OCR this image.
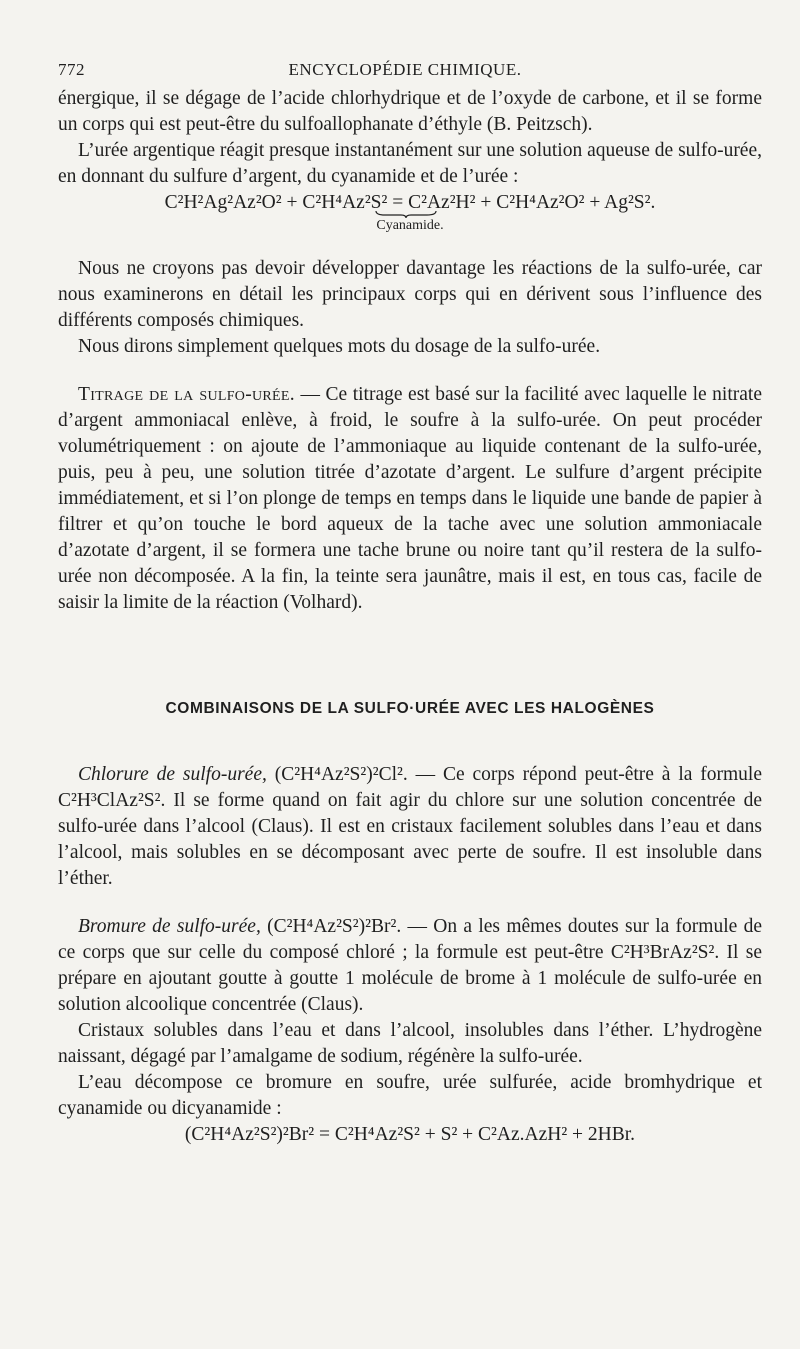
772	ENCYCLOPÉDIE CHIMIQUE.

énergique, il se dégage de l’acide chlorhydrique et de l’oxyde de carbone, et il se forme un corps qui est peut-être du sulfoallophanate d’éthyle (B. Peitzsch).

L’urée argentique réagit presque instantanément sur une solution aqueuse de sulfo-urée, en donnant du sulfure d’argent, du cyanamide et de l’urée :

C²H²Ag²Az²O² + C²H⁴Az²S² = C²Az²H² + C²H⁴Az²O² + Ag²S².

Cyanamide.

Nous ne croyons pas devoir développer davantage les réactions de la sulfo-urée, car nous examinerons en détail les principaux corps qui en dérivent sous l’influence des différents composés chimiques.

Nous dirons simplement quelques mots du dosage de la sulfo-urée.

Titrage de la sulfo-urée. — Ce titrage est basé sur la facilité avec laquelle le nitrate d’argent ammoniacal enlève, à froid, le soufre à la sulfo-urée. On peut procéder volumétriquement : on ajoute de l’ammoniaque au liquide contenant de la sulfo-urée, puis, peu à peu, une solution titrée d’azotate d’argent. Le sulfure d’argent précipite immédiatement, et si l’on plonge de temps en temps dans le liquide une bande de papier à filtrer et qu’on touche le bord aqueux de la tache avec une solution ammoniacale d’azotate d’argent, il se formera une tache brune ou noire tant qu’il restera de la sulfo-urée non décomposée. A la fin, la teinte sera jaunâtre, mais il est, en tous cas, facile de saisir la limite de la réaction (Volhard).

COMBINAISONS DE LA SULFO·URÉE AVEC LES HALOGÈNES

Chlorure de sulfo-urée, (C²H⁴Az²S²)²Cl². — Ce corps répond peut-être à la formule C²H³ClAz²S². Il se forme quand on fait agir du chlore sur une solution concentrée de sulfo-urée dans l’alcool (Claus). Il est en cristaux facilement solubles dans l’eau et dans l’alcool, mais solubles en se décomposant avec perte de soufre. Il est insoluble dans l’éther.

Bromure de sulfo-urée, (C²H⁴Az²S²)²Br². — On a les mêmes doutes sur la formule de ce corps que sur celle du composé chloré ; la formule est peut-être C²H³BrAz²S². Il se prépare en ajoutant goutte à goutte 1 molécule de brome à 1 molécule de sulfo-urée en solution alcoolique concentrée (Claus).

Cristaux solubles dans l’eau et dans l’alcool, insolubles dans l’éther. L’hydrogène naissant, dégagé par l’amalgame de sodium, régénère la sulfo-urée.

L’eau décompose ce bromure en soufre, urée sulfurée, acide bromhydrique et cyanamide ou dicyanamide :

(C²H⁴Az²S²)²Br² = C²H⁴Az²S² + S² + C²Az.AzH² + 2HBr.
